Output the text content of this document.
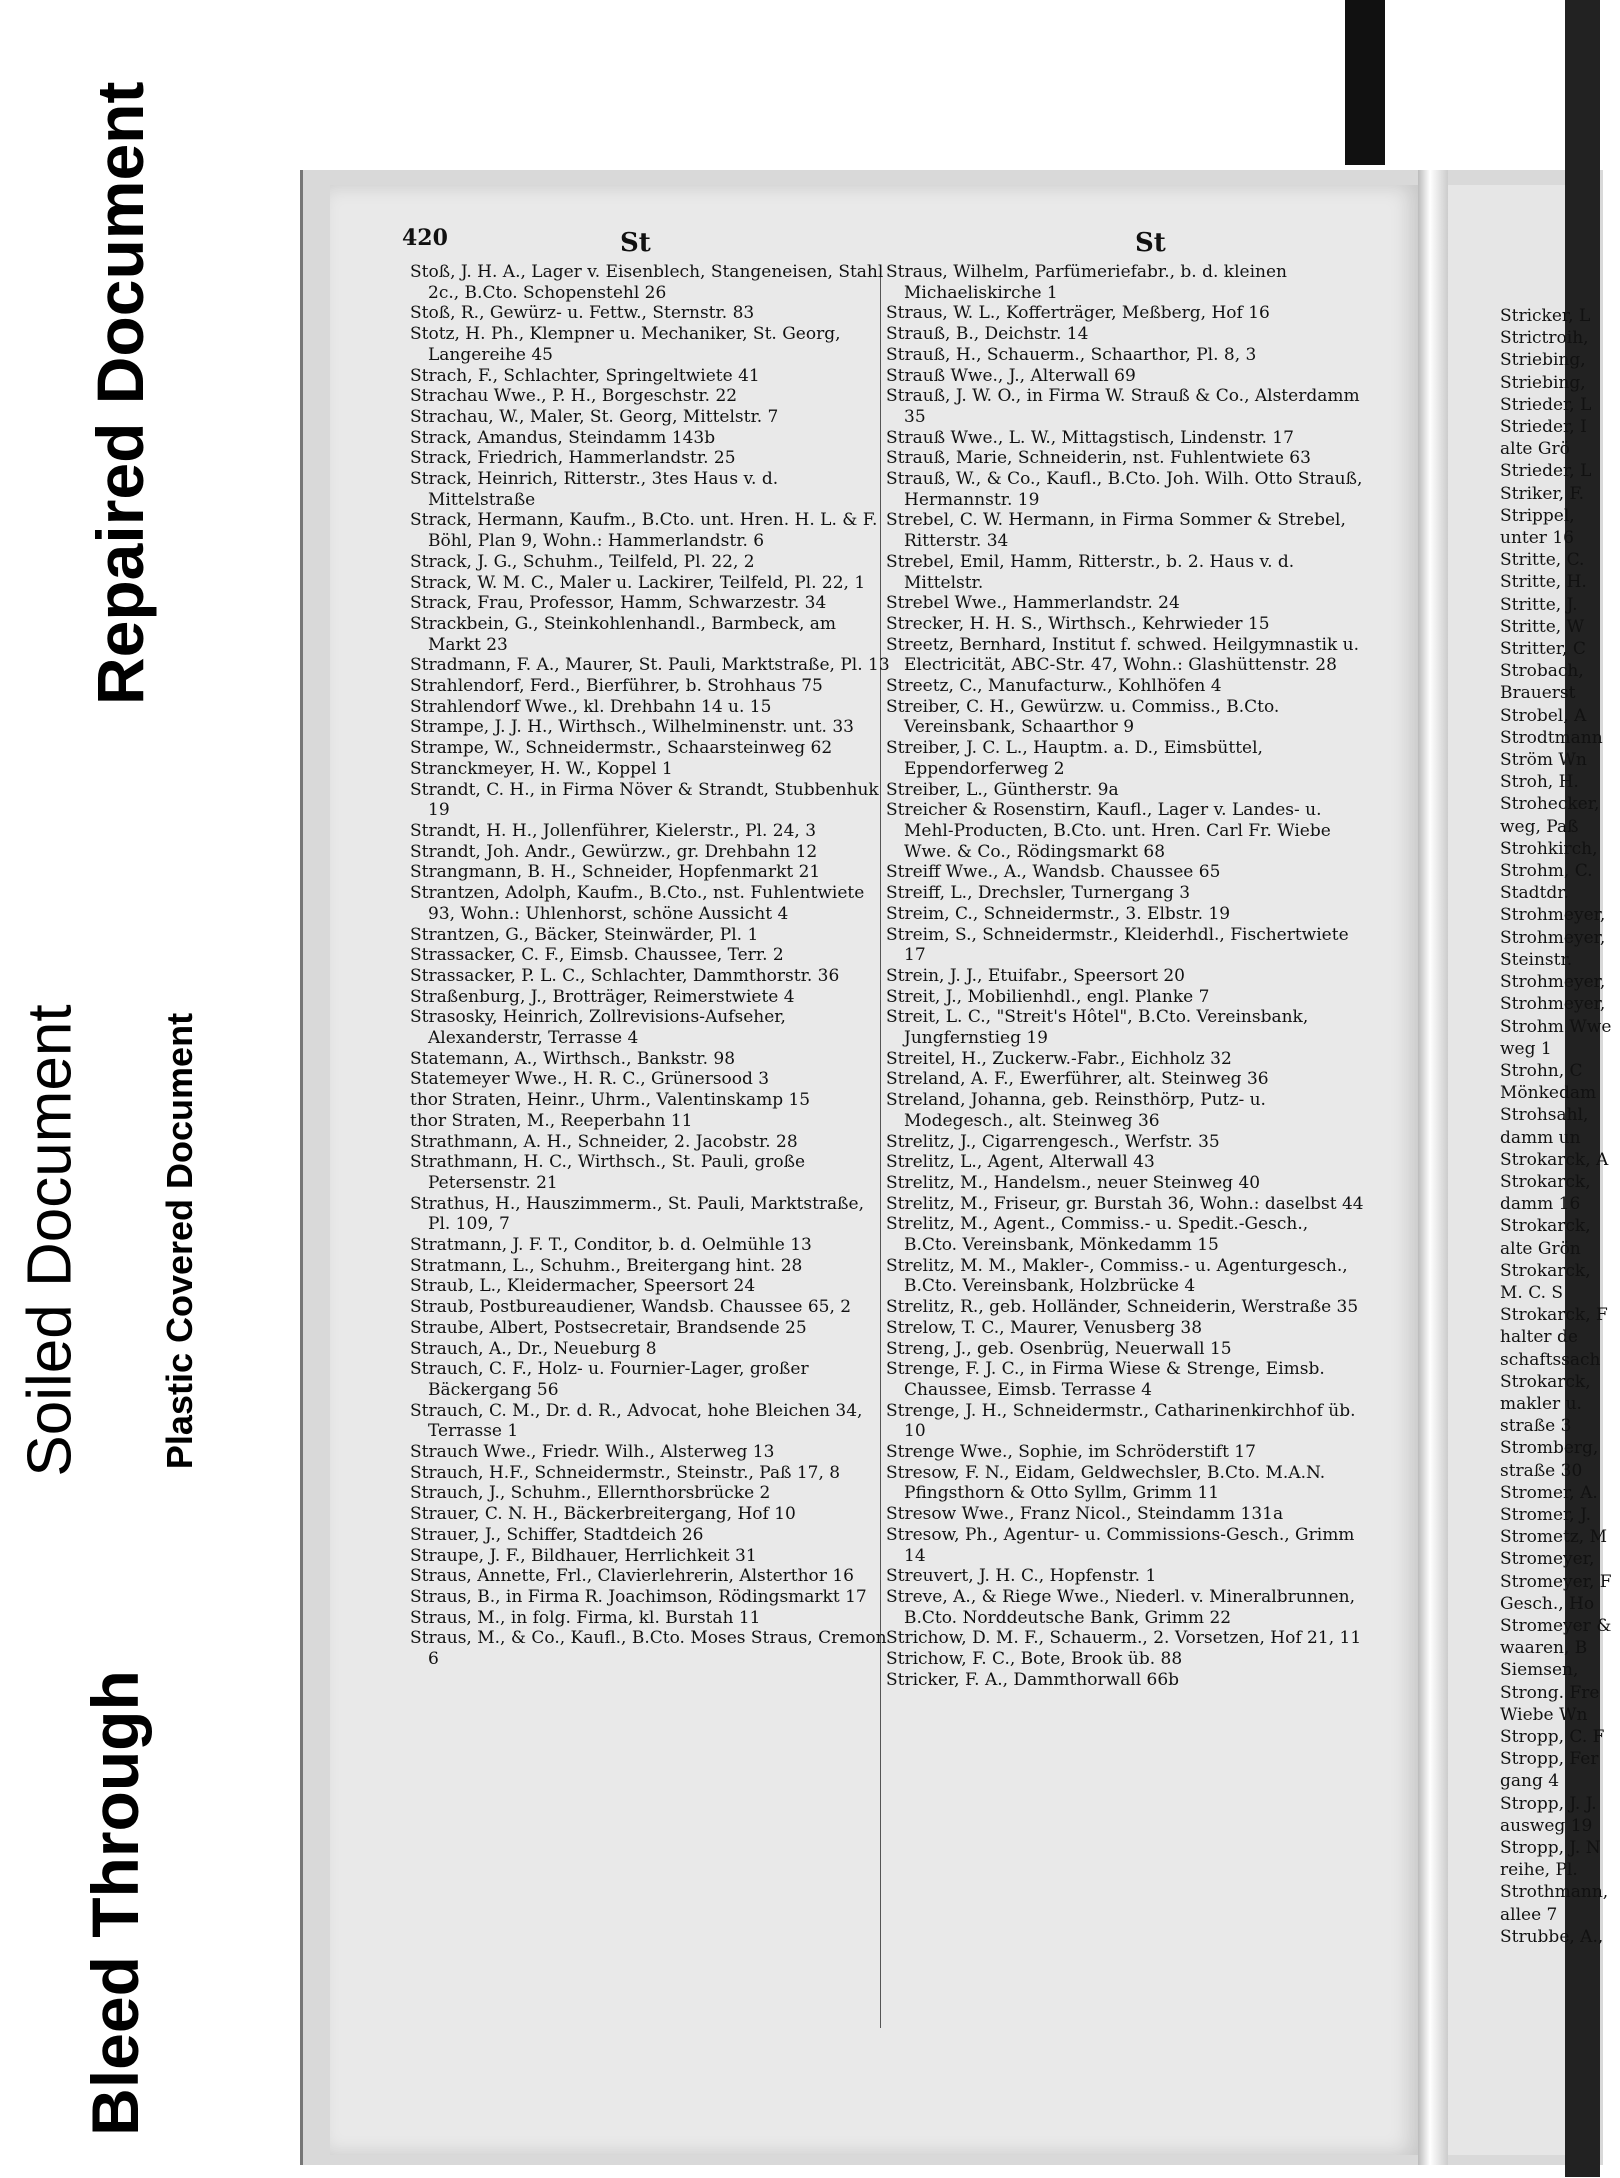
Repaired Document
Soiled Document Plastic Covered Document
Bleed Through
420	St	St

Stoß, J. H. A., Lager v. Eisenblech, Stangeneisen, Stahl 2c., B.Cto. Schopenstehl 26

Stoß, R., Gewürz- u. Fettw., Sternstr. 83

Stotz, H. Ph., Klempner u. Mechaniker, St. Georg, Langereihe 45

Strach, F., Schlachter, Springeltwiete 41

Strachau Wwe., P. H., Borgeschstr. 22

Strachau, W., Maler, St. Georg, Mittelstr. 7

Strack, Amandus, Steindamm 143b

Strack, Friedrich, Hammerlandstr. 25

Strack, Heinrich, Ritterstr., 3tes Haus v. d. Mittelstraße

Strack, Hermann, Kaufm., B.Cto. unt. Hren. H. L. & F. Böhl, Plan 9, Wohn.: Hammerlandstr. 6

Strack, J. G., Schuhm., Teilfeld, Pl. 22, 2

Strack, W. M. C., Maler u. Lackirer, Teilfeld, Pl. 22, 1

Strack, Frau, Professor, Hamm, Schwarzestr. 34

Strackbein, G., Steinkohlenhandl., Barmbeck, am Markt 23

Stradmann, F. A., Maurer, St. Pauli, Marktstraße, Pl. 13

Strahlendorf, Ferd., Bierführer, b. Strohhaus 75

Strahlendorf Wwe., kl. Drehbahn 14 u. 15

Strampe, J. J. H., Wirthsch., Wilhelminenstr. unt. 33

Strampe, W., Schneidermstr., Schaarsteinweg 62

Stranckmeyer, H. W., Koppel 1

Strandt, C. H., in Firma Növer & Strandt, Stubbenhuk 19

Strandt, H. H., Jollenführer, Kielerstr., Pl. 24, 3

Strandt, Joh. Andr., Gewürzw., gr. Drehbahn 12

Strangmann, B. H., Schneider, Hopfenmarkt 21

Strantzen, Adolph, Kaufm., B.Cto., nst. Fuhlentwiete 93, Wohn.: Uhlenhorst, schöne Aussicht 4

Strantzen, G., Bäcker, Steinwärder, Pl. 1

Strassacker, C. F., Eimsb. Chaussee, Terr. 2

Strassacker, P. L. C., Schlachter, Dammthorstr. 36

Straßenburg, J., Brotträger, Reimerstwiete 4

Strasosky, Heinrich, Zollrevisions-Aufseher, Alexanderstr, Terrasse 4

Statemann, A., Wirthsch., Bankstr. 98

Statemeyer Wwe., H. R. C., Grünersood 3

thor Straten, Heinr., Uhrm., Valentinskamp 15

thor Straten, M., Reeperbahn 11

Strathmann, A. H., Schneider, 2. Jacobstr. 28

Strathmann, H. C., Wirthsch., St. Pauli, große Petersenstr. 21

Strathus, H., Hauszimmerm., St. Pauli, Marktstraße, Pl. 109, 7

Stratmann, J. F. T., Conditor, b. d. Oelmühle 13

Stratmann, L., Schuhm., Breitergang hint. 28

Straub, L., Kleidermacher, Speersort 24

Straub, Postbureaudiener, Wandsb. Chaussee 65, 2

Straube, Albert, Postsecretair, Brandsende 25

Strauch, A., Dr., Neueburg 8

Strauch, C. F., Holz- u. Fournier-Lager, großer Bäckergang 56

Strauch, C. M., Dr. d. R., Advocat, hohe Bleichen 34, Terrasse 1

Strauch Wwe., Friedr. Wilh., Alsterweg 13

Strauch, H.F., Schneidermstr., Steinstr., Paß 17, 8

Strauch, J., Schuhm., Ellernthorsbrücke 2

Strauer, C. N. H., Bäckerbreitergang, Hof 10

Strauer, J., Schiffer, Stadtdeich 26

Straupe, J. F., Bildhauer, Herrlichkeit 31

Straus, Annette, Frl., Clavierlehrerin, Alsterthor 16

Straus, B., in Firma R. Joachimson, Rödingsmarkt 17

Straus, M., in folg. Firma, kl. Burstah 11

Straus, M., & Co., Kaufl., B.Cto. Moses Straus, Cremon 6

Straus, Wilhelm, Parfümeriefabr., b. d. kleinen Michaeliskirche 1

Straus, W. L., Kofferträger, Meßberg, Hof 16

Strauß, B., Deichstr. 14

Strauß, H., Schauerm., Schaarthor, Pl. 8, 3

Strauß Wwe., J., Alterwall 69

Strauß, J. W. O., in Firma W. Strauß & Co., Alsterdamm 35

Strauß Wwe., L. W., Mittagstisch, Lindenstr. 17

Strauß, Marie, Schneiderin, nst. Fuhlentwiete 63

Strauß, W., & Co., Kaufl., B.Cto. Joh. Wilh. Otto Strauß, Hermannstr. 19

Strebel, C. W. Hermann, in Firma Sommer & Strebel, Ritterstr. 34

Strebel, Emil, Hamm, Ritterstr., b. 2. Haus v. d. Mittelstr.

Strebel Wwe., Hammerlandstr. 24

Strecker, H. H. S., Wirthsch., Kehrwieder 15

Streetz, Bernhard, Institut f. schwed. Heilgymnastik u. Electricität, ABC-Str. 47, Wohn.: Glashüttenstr. 28

Streetz, C., Manufacturw., Kohlhöfen 4

Streiber, C. H., Gewürzw. u. Commiss., B.Cto. Vereinsbank, Schaarthor 9

Streiber, J. C. L., Hauptm. a. D., Eimsbüttel, Eppendorferweg 2

Streiber, L., Güntherstr. 9a

Streicher & Rosenstirn, Kaufl., Lager v. Landes- u. Mehl-Producten, B.Cto. unt. Hren. Carl Fr. Wiebe Wwe. & Co., Rödingsmarkt 68

Streiff Wwe., A., Wandsb. Chaussee 65

Streiff, L., Drechsler, Turnergang 3

Streim, C., Schneidermstr., 3. Elbstr. 19

Streim, S., Schneidermstr., Kleiderhdl., Fischertwiete 17

Strein, J. J., Etuifabr., Speersort 20

Streit, J., Mobilienhdl., engl. Planke 7

Streit, L. C., "Streit's Hôtel", B.Cto. Vereinsbank, Jungfernstieg 19

Streitel, H., Zuckerw.-Fabr., Eichholz 32

Streland, A. F., Ewerführer, alt. Steinweg 36

Streland, Johanna, geb. Reinsthörp, Putz- u. Modegesch., alt. Steinweg 36

Strelitz, J., Cigarrengesch., Werfstr. 35

Strelitz, L., Agent, Alterwall 43

Strelitz, M., Handelsm., neuer Steinweg 40

Strelitz, M., Friseur, gr. Burstah 36, Wohn.: daselbst 44

Strelitz, M., Agent., Commiss.- u. Spedit.-Gesch., B.Cto. Vereinsbank, Mönkedamm 15

Strelitz, M. M., Makler-, Commiss.- u. Agenturgesch., B.Cto. Vereinsbank, Holzbrücke 4

Strelitz, R., geb. Holländer, Schneiderin, Werstraße 35

Strelow, T. C., Maurer, Venusberg 38

Streng, J., geb. Osenbrüg, Neuerwall 15

Strenge, F. J. C., in Firma Wiese & Strenge, Eimsb. Chaussee, Eimsb. Terrasse 4

Strenge, J. H., Schneidermstr., Catharinenkirchhof üb. 10

Strenge Wwe., Sophie, im Schröderstift 17

Stresow, F. N., Eidam, Geldwechsler, B.Cto. M.A.N. Pfingsthorn & Otto Syllm, Grimm 11

Stresow Wwe., Franz Nicol., Steindamm 131a

Stresow, Ph., Agentur- u. Commissions-Gesch., Grimm 14

Streuvert, J. H. C., Hopfenstr. 1

Streve, A., & Riege Wwe., Niederl. v. Mineralbrunnen, B.Cto. Norddeutsche Bank, Grimm 22

Strichow, D. M. F., Schauerm., 2. Vorsetzen, Hof 21, 11

Strichow, F. C., Bote, Brook üb. 88

Stricker, F. A., Dammthorwall 66b

Stricker, L
Strictroih,
Striebing,
Striebing,
Strieder, L
Strieder, I
alte Grö
Strieder, L
Striker, F.
Strippel,
unter 16
Stritte, C.
Stritte, H.
Stritte, J.
Stritte, W
Stritter, C
Strobach,
Brauerst
Strobel, A
Strodtmann
Ström Wn
Stroh, H.
Strohecker,
weg, Paß
Strohkirch,
Strohm, C.
Stadtdr.
Strohmeyer,
Strohmeyer,
Steinstr.
Strohmeyer,
Strohmeyer,
Strohm Wwe
weg 1
Strohn, C
Mönkedam
Strohsahl,
damm un
Strokarck, A
Strokarck,
damm 16
Strokarck,
alte Grön
Strokarck,
M. C. S
Strokarck, F
halter de
schaftssach
Strokarck,
makler u.
straße 3
Stromberg,
straße 30
Stromer, A.
Stromer, J.
Strometz, M
Stromeyer,
Stromeyer, F
Gesch., Ho
Stromeyer &
waaren, B
Siemsen,
Strong. Fre
Wiebe Wn
Stropp, C. F
Stropp, Fer
gang 4
Stropp, J. J.
ausweg 19
Stropp, J. N
reihe, Pl.
Strothmann,
allee 7
Strubbe, A.,
